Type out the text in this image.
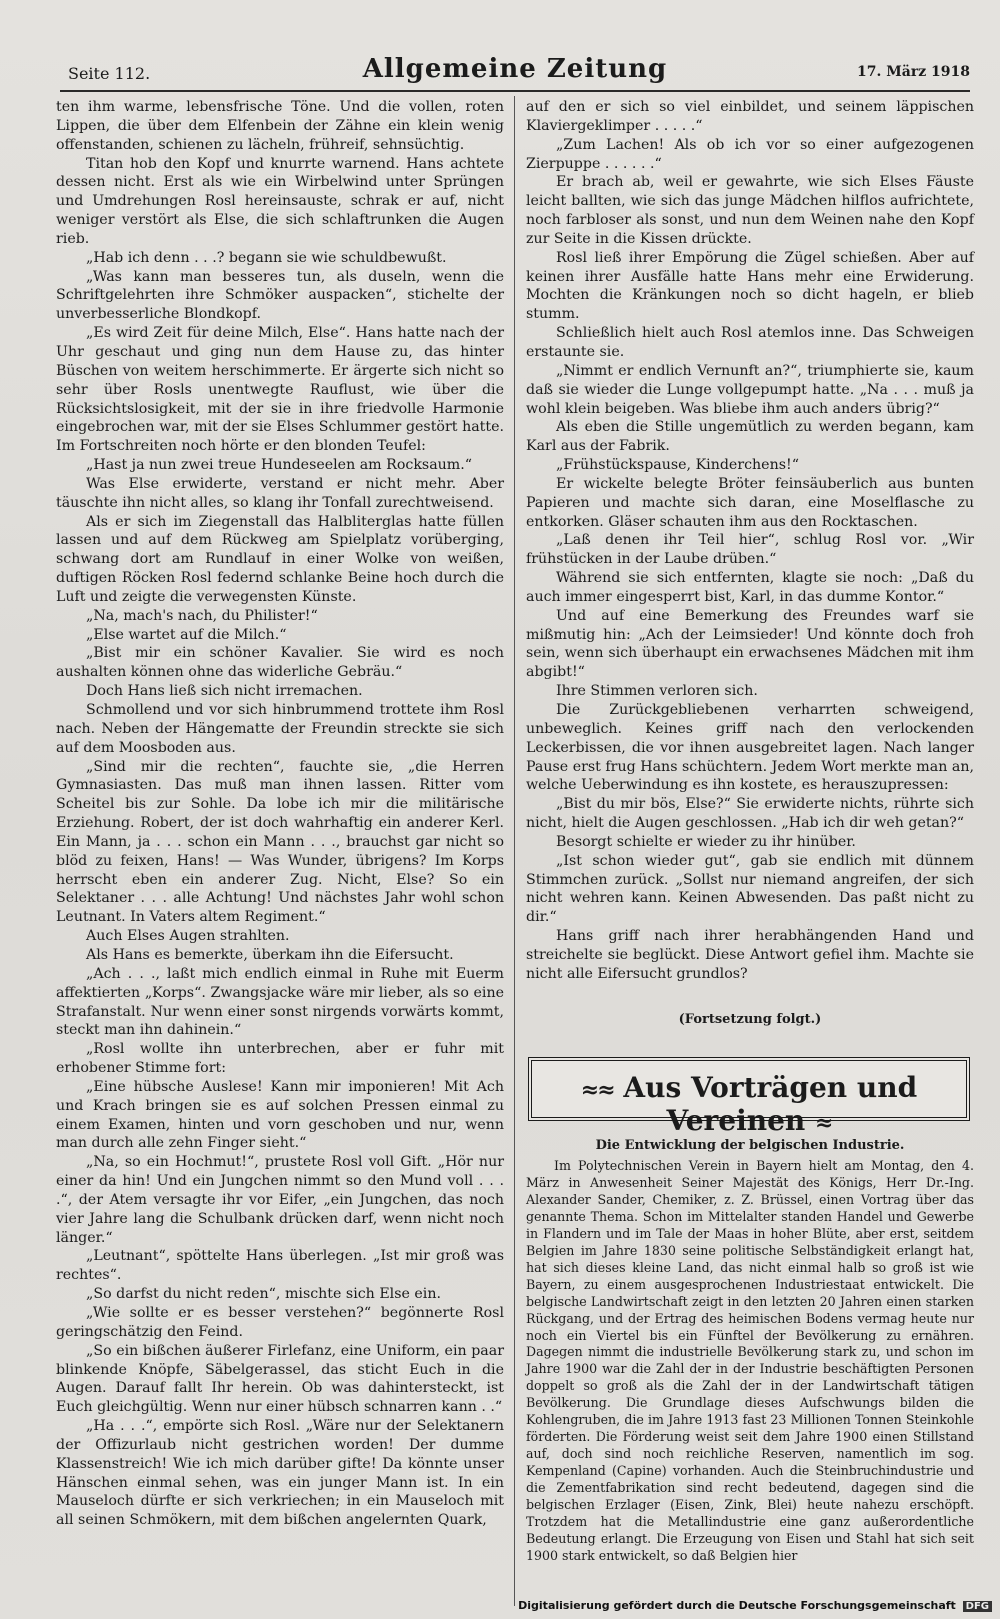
Seite 112.	Allgemeine Zeitung	17. März 1918

ten ihm warme, lebensfrische Töne. Und die vollen, roten Lippen, die über dem Elfenbein der Zähne ein klein wenig offenstanden, schienen zu lächeln, frühreif, sehnsüchtig.

Titan hob den Kopf und knurrte warnend. Hans achtete dessen nicht. Erst als wie ein Wirbelwind unter Sprüngen und Umdrehungen Rosl hereinsauste, schrak er auf, nicht weniger verstört als Else, die sich schlaftrunken die Augen rieb.

„Hab ich denn . . .? begann sie wie schuldbewußt.

„Was kann man besseres tun, als duseln, wenn die Schriftgelehrten ihre Schmöker auspacken“, stichelte der unverbesserliche Blondkopf.

„Es wird Zeit für deine Milch, Else“. Hans hatte nach der Uhr geschaut und ging nun dem Hause zu, das hinter Büschen von weitem herschimmerte. Er ärgerte sich nicht so sehr über Rosls unentwegte Rauflust, wie über die Rücksichtslosigkeit, mit der sie in ihre friedvolle Harmonie eingebrochen war, mit der sie Elses Schlummer gestört hatte. Im Fortschreiten noch hörte er den blonden Teufel:

„Hast ja nun zwei treue Hundeseelen am Rocksaum.“

Was Else erwiderte, verstand er nicht mehr. Aber täuschte ihn nicht alles, so klang ihr Tonfall zurechtweisend.

Als er sich im Ziegenstall das Halbliterglas hatte füllen lassen und auf dem Rückweg am Spielplatz vorüberging, schwang dort am Rundlauf in einer Wolke von weißen, duftigen Röcken Rosl federnd schlanke Beine hoch durch die Luft und zeigte die verwegensten Künste.

„Na, mach's nach, du Philister!“

„Else wartet auf die Milch.“

„Bist mir ein schöner Kavalier. Sie wird es noch aushalten können ohne das widerliche Gebräu.“

Doch Hans ließ sich nicht irremachen.

Schmollend und vor sich hinbrummend trottete ihm Rosl nach. Neben der Hängematte der Freundin streckte sie sich auf dem Moosboden aus.

„Sind mir die rechten“, fauchte sie, „die Herren Gymnasiasten. Das muß man ihnen lassen. Ritter vom Scheitel bis zur Sohle. Da lobe ich mir die militärische Erziehung. Robert, der ist doch wahrhaftig ein anderer Kerl. Ein Mann, ja . . . schon ein Mann . . ., brauchst gar nicht so blöd zu feixen, Hans! — Was Wunder, übrigens? Im Korps herrscht eben ein anderer Zug. Nicht, Else? So ein Selektaner . . . alle Achtung! Und nächstes Jahr wohl schon Leutnant. In Vaters altem Regiment.“

Auch Elses Augen strahlten.

Als Hans es bemerkte, überkam ihn die Eifersucht.

„Ach . . ., laßt mich endlich einmal in Ruhe mit Euerm affektierten „Korps“. Zwangsjacke wäre mir lieber, als so eine Strafanstalt. Nur wenn einer sonst nirgends vorwärts kommt, steckt man ihn dahinein.“

„Rosl wollte ihn unterbrechen, aber er fuhr mit erhobener Stimme fort:

„Eine hübsche Auslese! Kann mir imponieren! Mit Ach und Krach bringen sie es auf solchen Pressen einmal zu einem Examen, hinten und vorn geschoben und nur, wenn man durch alle zehn Finger sieht.“

„Na, so ein Hochmut!“, prustete Rosl voll Gift. „Hör nur einer da hin! Und ein Jungchen nimmt so den Mund voll . . . .“, der Atem versagte ihr vor Eifer, „ein Jungchen, das noch vier Jahre lang die Schulbank drücken darf, wenn nicht noch länger.“

„Leutnant“, spöttelte Hans überlegen. „Ist mir groß was rechtes“.

„So darfst du nicht reden“, mischte sich Else ein.

„Wie sollte er es besser verstehen?“ begönnerte Rosl geringschätzig den Feind.

„So ein bißchen äußerer Firlefanz, eine Uniform, ein paar blinkende Knöpfe, Säbelgerassel, das sticht Euch in die Augen. Darauf fallt Ihr herein. Ob was dahintersteckt, ist Euch gleichgültig. Wenn nur einer hübsch schnarren kann . .“

„Ha . . .“, empörte sich Rosl. „Wäre nur der Selektanern der Offizurlaub nicht gestrichen worden! Der dumme Klassenstreich! Wie ich mich darüber gifte! Da könnte unser Hänschen einmal sehen, was ein junger Mann ist. In ein Mauseloch dürfte er sich verkriechen; in ein Mauseloch mit all seinen Schmökern, mit dem bißchen angelernten Quark,

auf den er sich so viel einbildet, und seinem läppischen Klaviergeklimper . . . . .“

„Zum Lachen! Als ob ich vor so einer aufgezogenen Zierpuppe . . . . . .“

Er brach ab, weil er gewahrte, wie sich Elses Fäuste leicht ballten, wie sich das junge Mädchen hilflos aufrichtete, noch farbloser als sonst, und nun dem Weinen nahe den Kopf zur Seite in die Kissen drückte.

Rosl ließ ihrer Empörung die Zügel schießen. Aber auf keinen ihrer Ausfälle hatte Hans mehr eine Erwiderung. Mochten die Kränkungen noch so dicht hageln, er blieb stumm.

Schließlich hielt auch Rosl atemlos inne. Das Schweigen erstaunte sie.

„Nimmt er endlich Vernunft an?“, triumphierte sie, kaum daß sie wieder die Lunge vollgepumpt hatte. „Na . . . muß ja wohl klein beigeben. Was bliebe ihm auch anders übrig?“

Als eben die Stille ungemütlich zu werden begann, kam Karl aus der Fabrik.

„Frühstückspause, Kinderchens!“

Er wickelte belegte Bröter feinsäuberlich aus bunten Papieren und machte sich daran, eine Moselflasche zu entkorken. Gläser schauten ihm aus den Rocktaschen.

„Laß denen ihr Teil hier“, schlug Rosl vor. „Wir frühstücken in der Laube drüben.“

Während sie sich entfernten, klagte sie noch: „Daß du auch immer eingesperrt bist, Karl, in das dumme Kontor.“

Und auf eine Bemerkung des Freundes warf sie mißmutig hin: „Ach der Leimsieder! Und könnte doch froh sein, wenn sich überhaupt ein erwachsenes Mädchen mit ihm abgibt!“

Ihre Stimmen verloren sich.

Die Zurückgebliebenen verharrten schweigend, unbeweglich. Keines griff nach den verlockenden Leckerbissen, die vor ihnen ausgebreitet lagen. Nach langer Pause erst frug Hans schüchtern. Jedem Wort merkte man an, welche Ueberwindung es ihn kostete, es herauszupressen:

„Bist du mir bös, Else?“ Sie erwiderte nichts, rührte sich nicht, hielt die Augen geschlossen. „Hab ich dir weh getan?“

Besorgt schielte er wieder zu ihr hinüber.

„Ist schon wieder gut“, gab sie endlich mit dünnem Stimmchen zurück. „Sollst nur niemand angreifen, der sich nicht wehren kann. Keinen Abwesenden. Das paßt nicht zu dir.“

Hans griff nach ihrer herabhängenden Hand und streichelte sie beglückt. Diese Antwort gefiel ihm. Machte sie nicht alle Eifersucht grundlos?

(Fortsetzung folgt.)
≈≈ Aus Vorträgen und Vereinen ≈
Die Entwicklung der belgischen Industrie.

Im Polytechnischen Verein in Bayern hielt am Montag, den 4. März in Anwesenheit Seiner Majestät des Königs, Herr Dr.-Ing. Alexander Sander, Chemiker, z. Z. Brüssel, einen Vortrag über das genannte Thema. Schon im Mittelalter standen Handel und Gewerbe in Flandern und im Tale der Maas in hoher Blüte, aber erst, seitdem Belgien im Jahre 1830 seine politische Selbständigkeit erlangt hat, hat sich dieses kleine Land, das nicht einmal halb so groß ist wie Bayern, zu einem ausgesprochenen Industriestaat entwickelt. Die belgische Landwirtschaft zeigt in den letzten 20 Jahren einen starken Rückgang, und der Ertrag des heimischen Bodens vermag heute nur noch ein Viertel bis ein Fünftel der Bevölkerung zu ernähren. Dagegen nimmt die industrielle Bevölkerung stark zu, und schon im Jahre 1900 war die Zahl der in der Industrie beschäftigten Personen doppelt so groß als die Zahl der in der Landwirtschaft tätigen Bevölkerung. Die Grundlage dieses Aufschwungs bilden die Kohlengruben, die im Jahre 1913 fast 23 Millionen Tonnen Steinkohle förderten. Die Förderung weist seit dem Jahre 1900 einen Stillstand auf, doch sind noch reichliche Reserven, namentlich im sog. Kempenland (Capine) vorhanden. Auch die Steinbruchindustrie und die Zementfabrikation sind recht bedeutend, dagegen sind die belgischen Erzlager (Eisen, Zink, Blei) heute nahezu erschöpft. Trotzdem hat die Metallindustrie eine ganz außerordentliche Bedeutung erlangt. Die Erzeugung von Eisen und Stahl hat sich seit 1900 stark entwickelt, so daß Belgien hier

Digitalisierung gefördert durch die Deutsche Forschungsgemeinschaft DFG
